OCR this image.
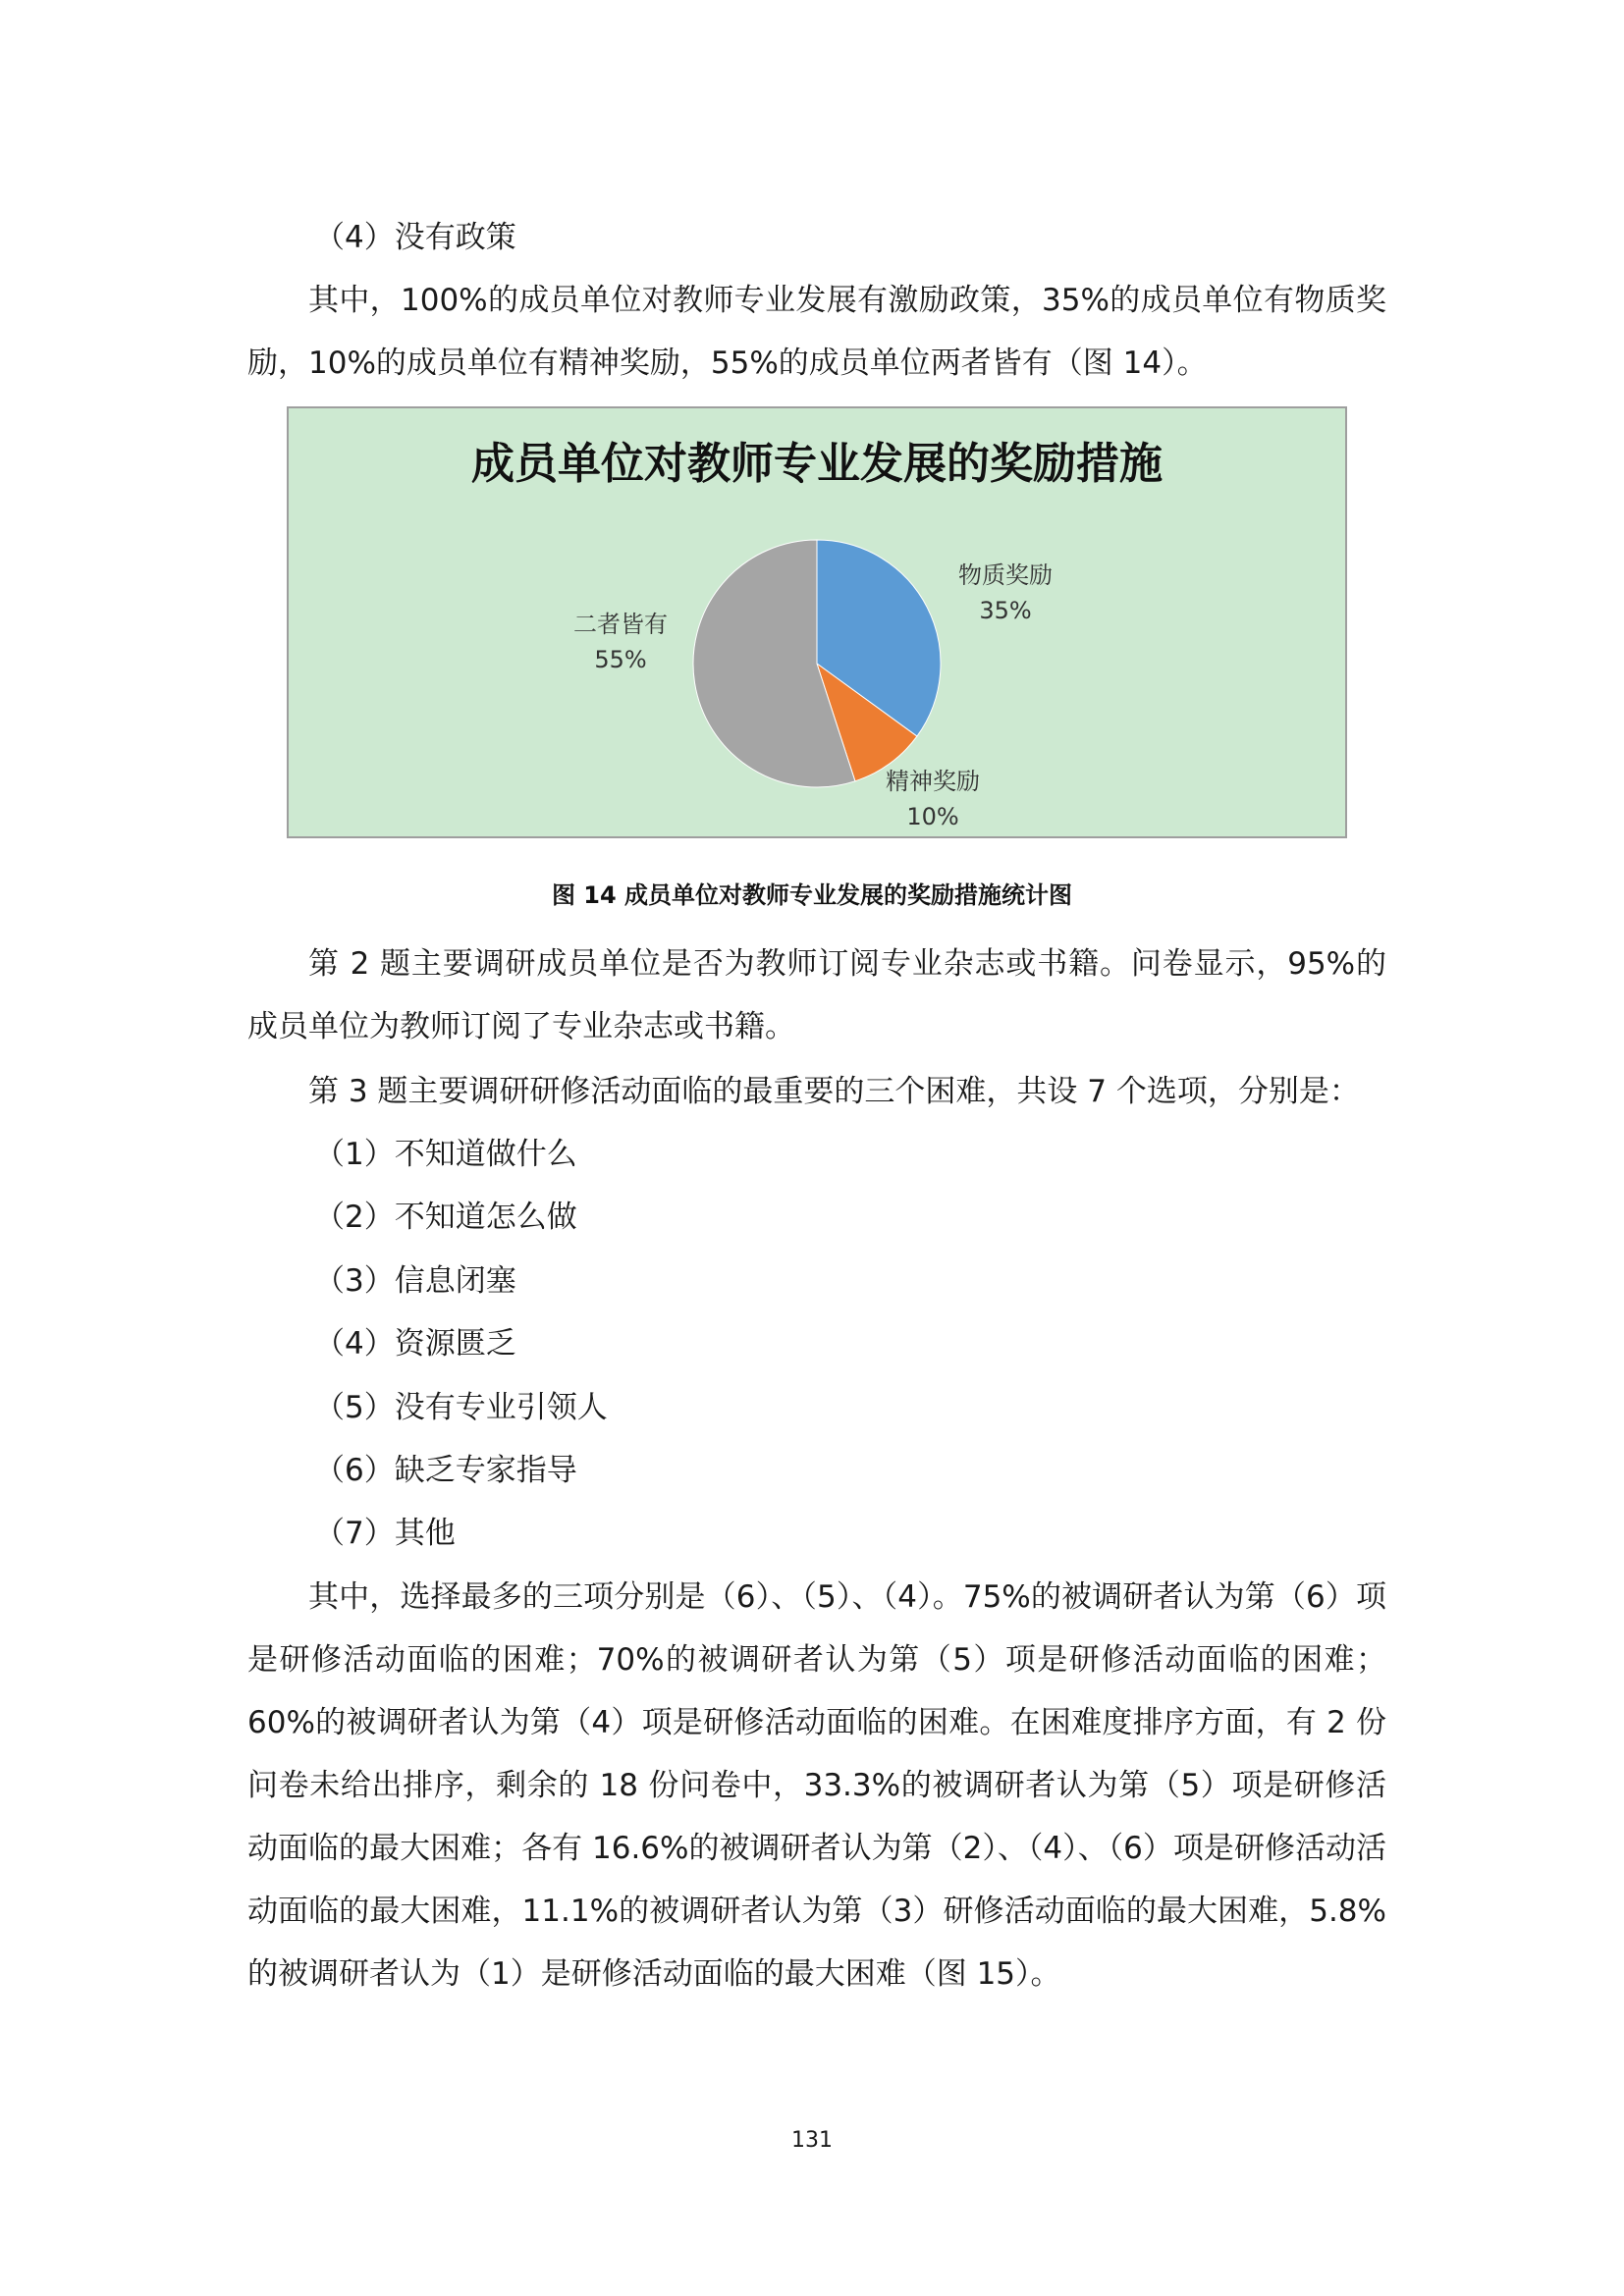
（4）没有政策

其中，100%的成员单位对教师专业发展有激励政策，35%的成员单位有物质奖励，10%的成员单位有精神奖励，55%的成员单位两者皆有（图 14）。

成员单位对教师专业发展的奖励措施
物质奖励
35%
精神奖励
10%
二者皆有
55%
图 14 成员单位对教师专业发展的奖励措施统计图

第 2 题主要调研成员单位是否为教师订阅专业杂志或书籍。问卷显示，95%的成员单位为教师订阅了专业杂志或书籍。

第 3 题主要调研研修活动面临的最重要的三个困难，共设 7 个选项，分别是：

（1）不知道做什么

（2）不知道怎么做

（3）信息闭塞

（4）资源匮乏

（5）没有专业引领人

（6）缺乏专家指导

（7）其他

其中，选择最多的三项分别是（6）、（5）、（4）。75%的被调研者认为第（6）项是研修活动面临的困难；70%的被调研者认为第（5）项是研修活动面临的困难；60%的被调研者认为第（4）项是研修活动面临的困难。在困难度排序方面，有 2 份问卷未给出排序，剩余的 18 份问卷中，33.3%的被调研者认为第（5）项是研修活动面临的最大困难；各有 16.6%的被调研者认为第（2）、（4）、（6）项是研修活动活动面临的最大困难，11.1%的被调研者认为第（3）研修活动面临的最大困难，5.8%的被调研者认为（1）是研修活动面临的最大困难（图 15）。

131
